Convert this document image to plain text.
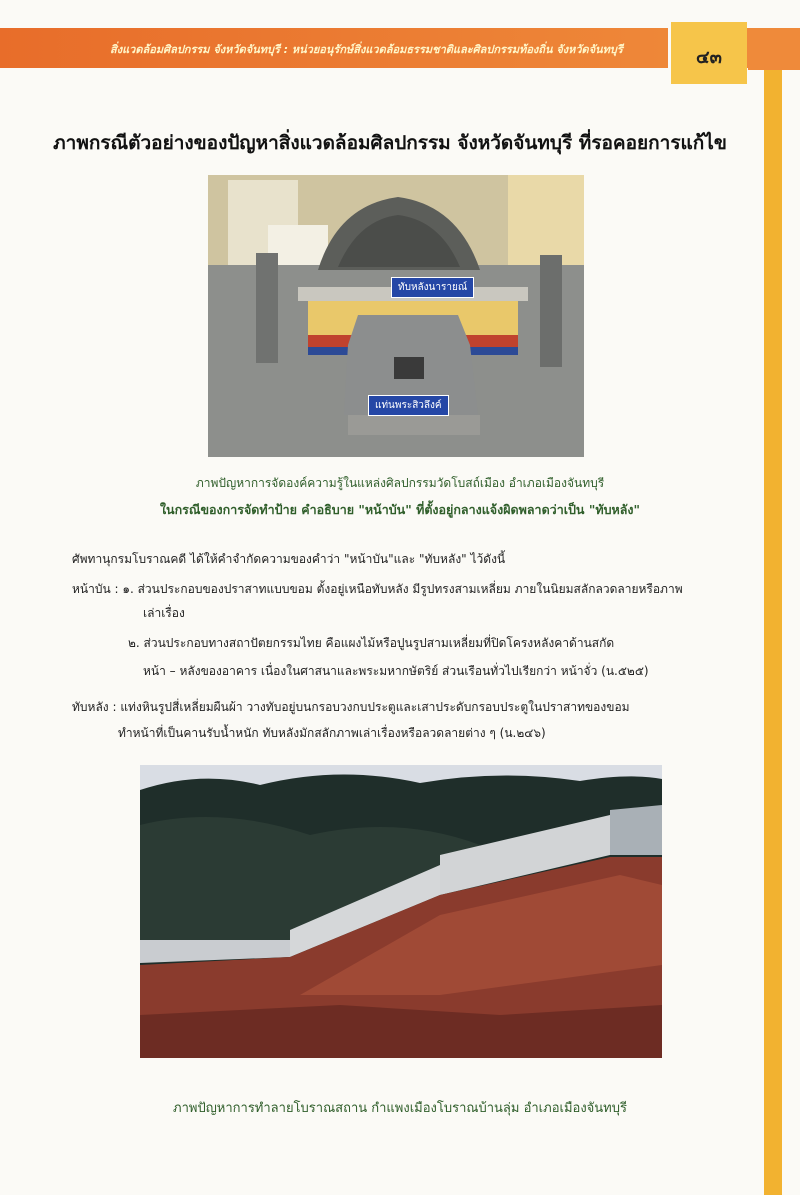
สิ่งแวดล้อมศิลปกรรม จังหวัดจันทบุรี : หน่วยอนุรักษ์สิ่งแวดล้อมธรรมชาติและศิลปกรรมท้องถิ่น จังหวัดจันทบุรี	๔๓
ภาพกรณีตัวอย่างของปัญหาสิ่งแวดล้อมศิลปกรรม จังหวัดจันทบุรี ที่รอคอยการแก้ไข
ทับหลังนารายณ์
แท่นพระสิวลึงค์
ภาพปัญหาการจัดองค์ความรู้ในแหล่งศิลปกรรมวัดโบสถ์เมือง อำเภอเมืองจันทบุรี
ในกรณีของการจัดทำป้าย คำอธิบาย "หน้าบัน" ที่ตั้งอยู่กลางแจ้งผิดพลาดว่าเป็น "ทับหลัง"
ศัพทานุกรมโบราณคดี ได้ให้คำจำกัดความของคำว่า "หน้าบัน"และ "ทับหลัง" ไว้ดังนี้
หน้าบัน : ๑. ส่วนประกอบของปราสาทแบบขอม ตั้งอยู่เหนือทับหลัง มีรูปทรงสามเหลี่ยม ภายในนิยมสลักลวดลายหรือภาพ
เล่าเรื่อง
๒. ส่วนประกอบทางสถาปัตยกรรมไทย คือแผงไม้หรือปูนรูปสามเหลี่ยมที่ปิดโครงหลังคาด้านสกัด
หน้า – หลังของอาคาร เนื่องในศาสนาและพระมหากษัตริย์ ส่วนเรือนทั่วไปเรียกว่า หน้าจั่ว (น.๕๒๕)
ทับหลัง : แท่งหินรูปสี่เหลี่ยมผืนผ้า วางทับอยู่บนกรอบวงกบประตูและเสาประดับกรอบประตูในปราสาทของขอม
ทำหน้าที่เป็นคานรับน้ำหนัก ทับหลังมักสลักภาพเล่าเรื่องหรือลวดลายต่าง ๆ (น.๒๔๖)
ภาพปัญหาการทำลายโบราณสถาน กำแพงเมืองโบราณบ้านลุ่ม อำเภอเมืองจันทบุรี
